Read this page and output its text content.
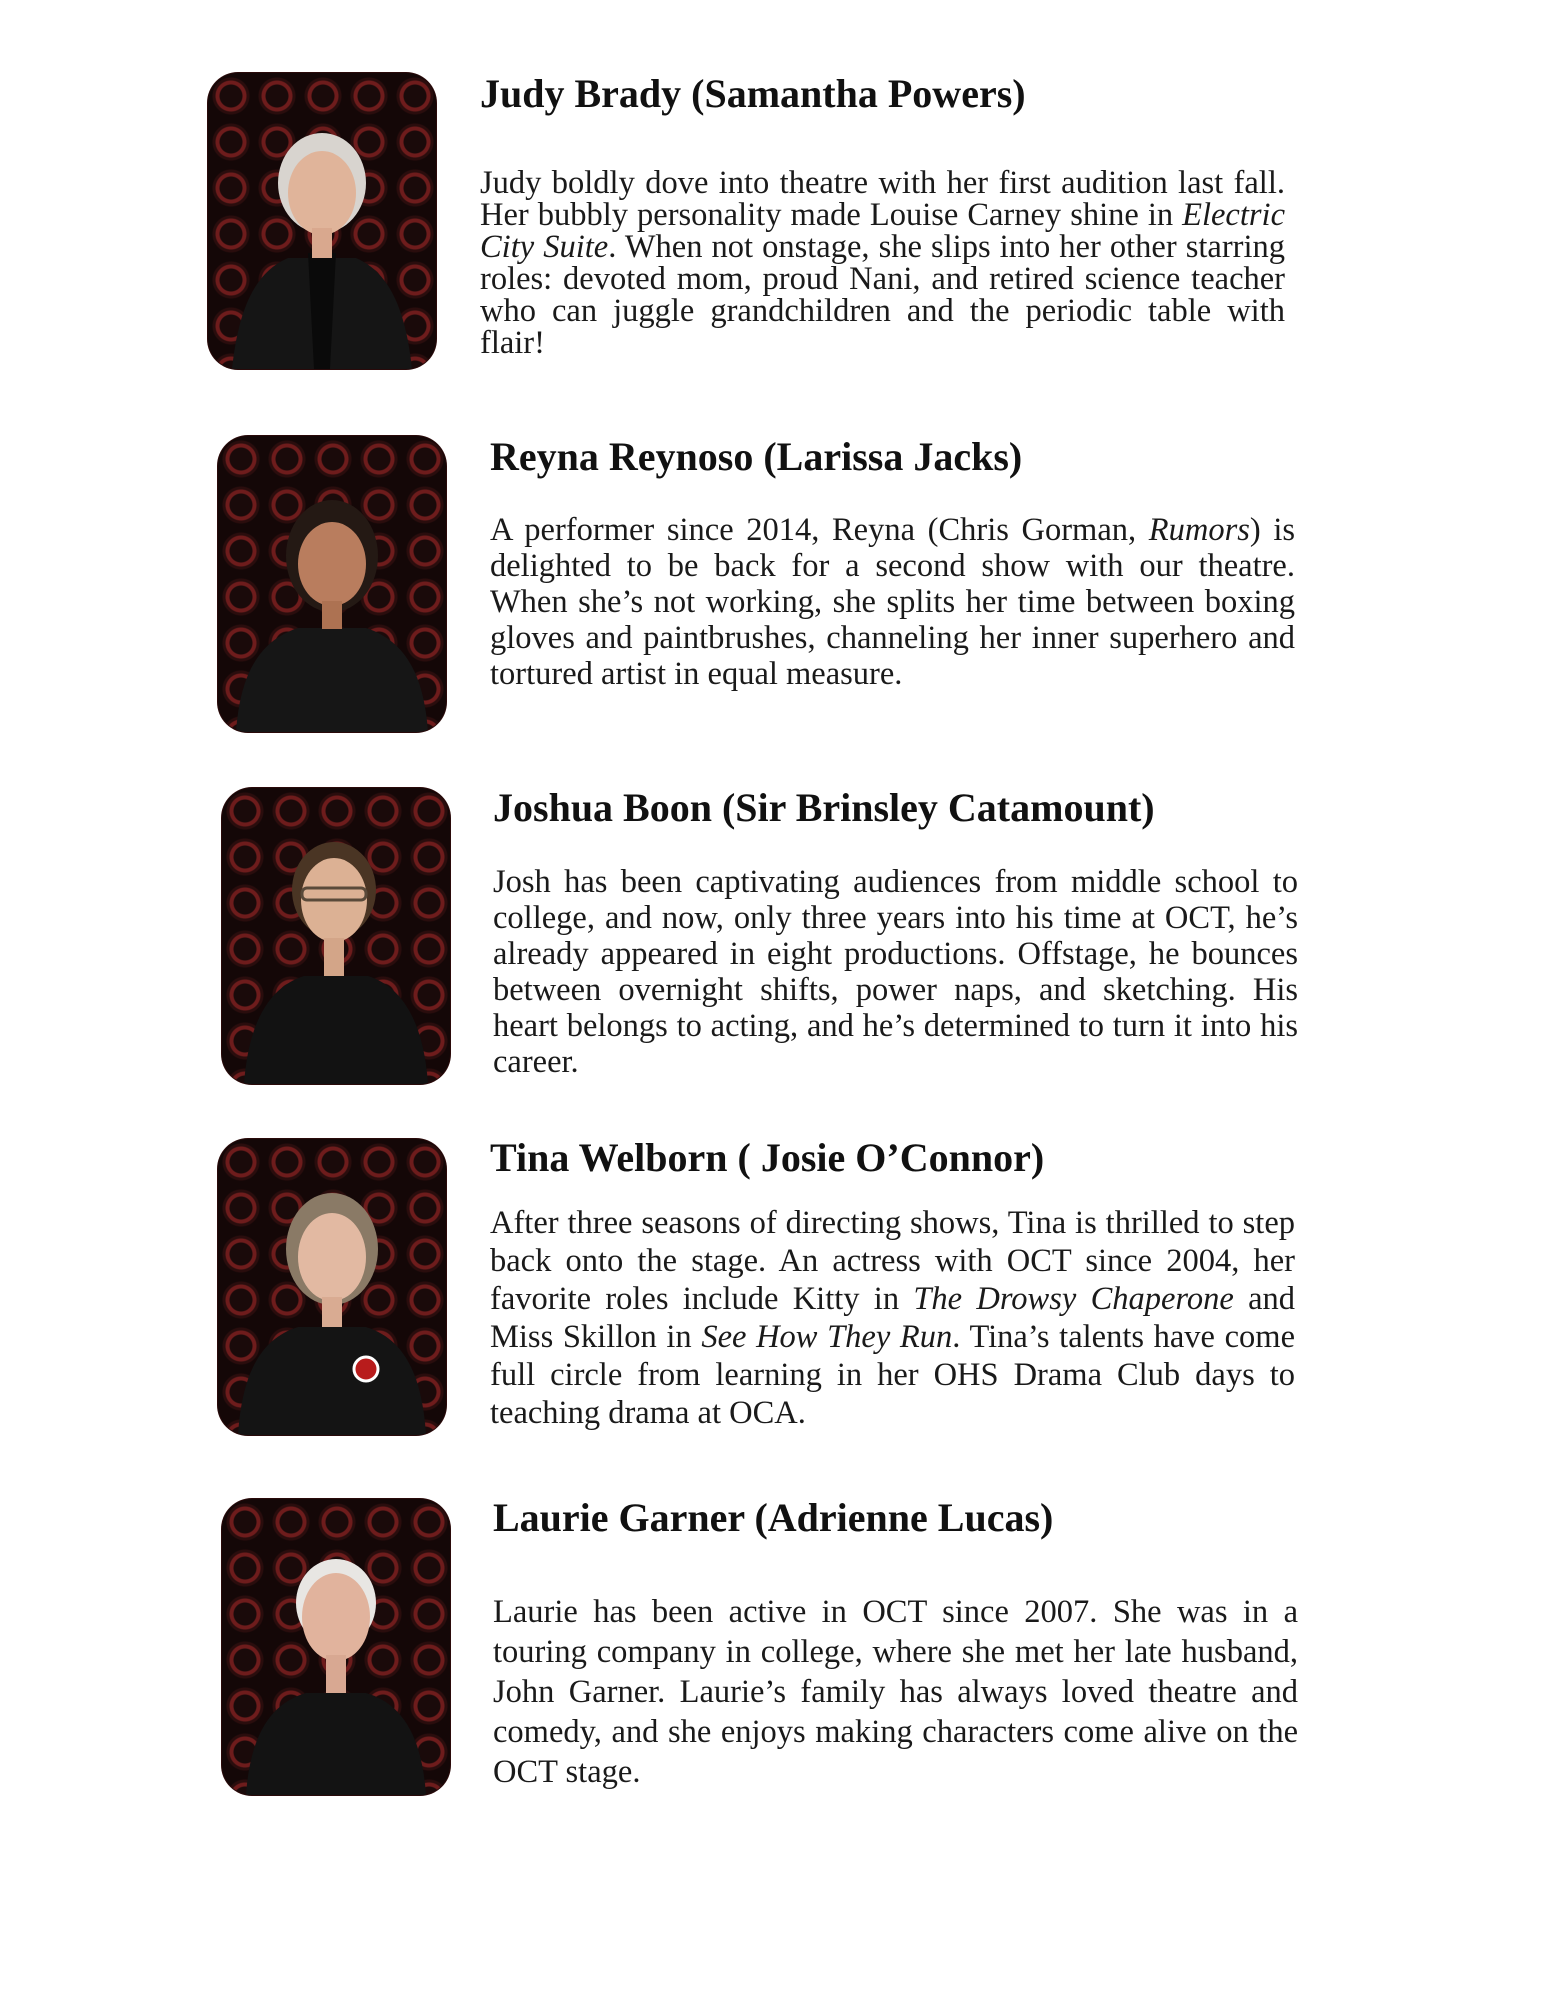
Judy Brady (Samantha Powers)

Judy boldly dove into theatre with her first audition last fall. Her bubbly personality made Louise Carney shine in Electric City Suite. When not onstage, she slips into her other starring roles: devoted mom, proud Nani, and retired science teacher who can juggle grandchildren and the periodic table with flair!

Reyna Reynoso (Larissa Jacks)

A performer since 2014, Reyna (Chris Gorman, Rumors) is delighted to be back for a second show with our theatre. When she’s not working, she splits her time between boxing gloves and paintbrushes, channeling her inner superhero and tortured artist in equal measure.

Joshua Boon (Sir Brinsley Catamount)

Josh has been captivating audiences from middle school to college, and now, only three years into his time at OCT, he’s already appeared in eight productions. Offstage, he bounces between overnight shifts, power naps, and sketching. His heart belongs to acting, and he’s determined to turn it into his career.

Tina Welborn ( Josie O’Connor)

After three seasons of directing shows, Tina is thrilled to step back onto the stage. An actress with OCT since 2004, her favorite roles include Kitty in The Drowsy Chaperone and Miss Skillon in See How They Run. Tina’s talents have come full circle from learning in her OHS Drama Club days to teaching drama at OCA.

Laurie Garner (Adrienne Lucas)

Laurie has been active in OCT since 2007. She was in a touring company in college, where she met her late husband, John Garner. Laurie’s family has always loved theatre and comedy, and she enjoys making characters come alive on the OCT stage.
